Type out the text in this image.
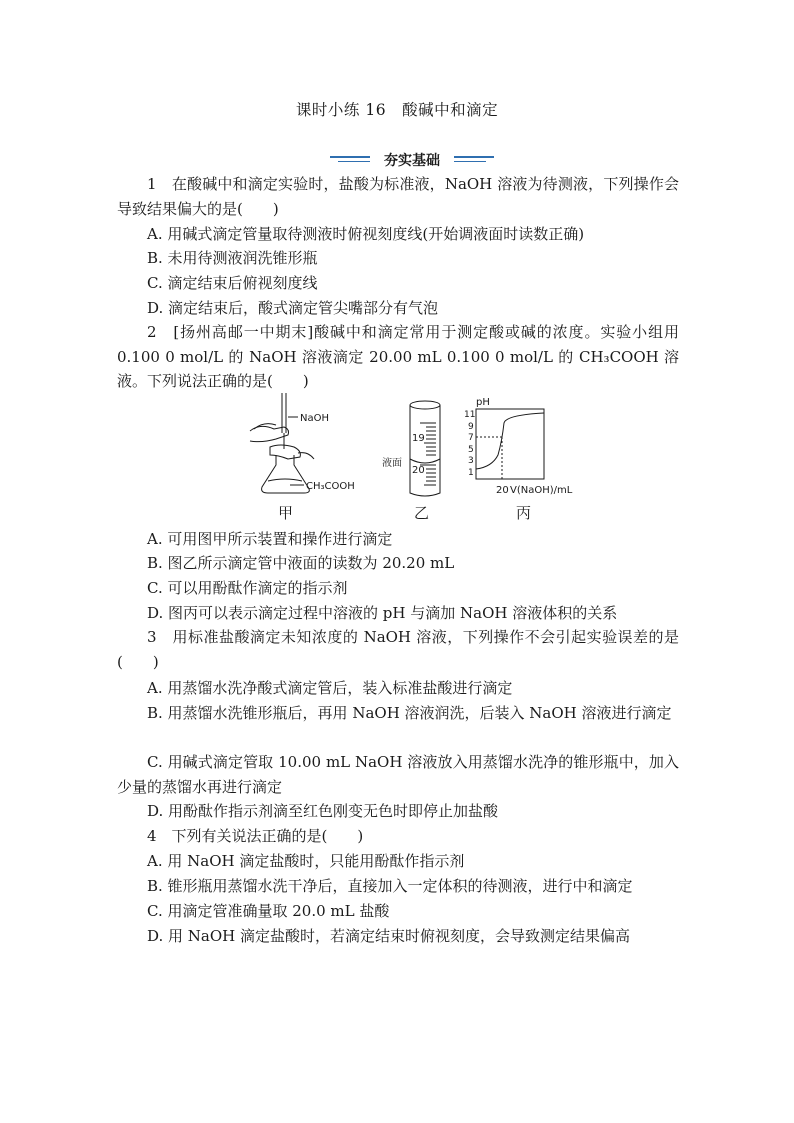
课时小练 16　酸碱中和滴定
夯实基础
1　在酸碱中和滴定实验时，盐酸为标准液，NaOH 溶液为待测液，下列操作会导致结果偏大的是(　　)
A. 用碱式滴定管量取待测液时俯视刻度线(开始调液面时读数正确)
B. 未用待测液润洗锥形瓶
C. 滴定结束后俯视刻度线
D. 滴定结束后，酸式滴定管尖嘴部分有气泡
2　[扬州高邮一中期末]酸碱中和滴定常用于测定酸或碱的浓度。实验小组用 0.100 0 mol/L 的 NaOH 溶液滴定 20.00 mL 0.100 0 mol/L 的 CH₃COOH 溶液。下列说法正确的是(　　)
NaOH
CH₃COOH
19
20
液面
pH
11
9
7
5
3
1
20 V(NaOH)/mL
甲	乙	丙
A. 可用图甲所示装置和操作进行滴定
B. 图乙所示滴定管中液面的读数为 20.20 mL
C. 可以用酚酞作滴定的指示剂
D. 图丙可以表示滴定过程中溶液的 pH 与滴加 NaOH 溶液体积的关系
3　用标准盐酸滴定未知浓度的 NaOH 溶液，下列操作不会引起实验误差的是(　　)
A. 用蒸馏水洗净酸式滴定管后，装入标准盐酸进行滴定
B. 用蒸馏水洗锥形瓶后，再用 NaOH 溶液润洗，后装入 NaOH 溶液进行滴定
C. 用碱式滴定管取 10.00 mL NaOH 溶液放入用蒸馏水洗净的锥形瓶中，加入少量的蒸馏水再进行滴定
D. 用酚酞作指示剂滴至红色刚变无色时即停止加盐酸
4　下列有关说法正确的是(　　)
A. 用 NaOH 滴定盐酸时，只能用酚酞作指示剂
B. 锥形瓶用蒸馏水洗干净后，直接加入一定体积的待测液，进行中和滴定
C. 用滴定管准确量取 20.0 mL 盐酸
D. 用 NaOH 滴定盐酸时，若滴定结束时俯视刻度，会导致测定结果偏高
